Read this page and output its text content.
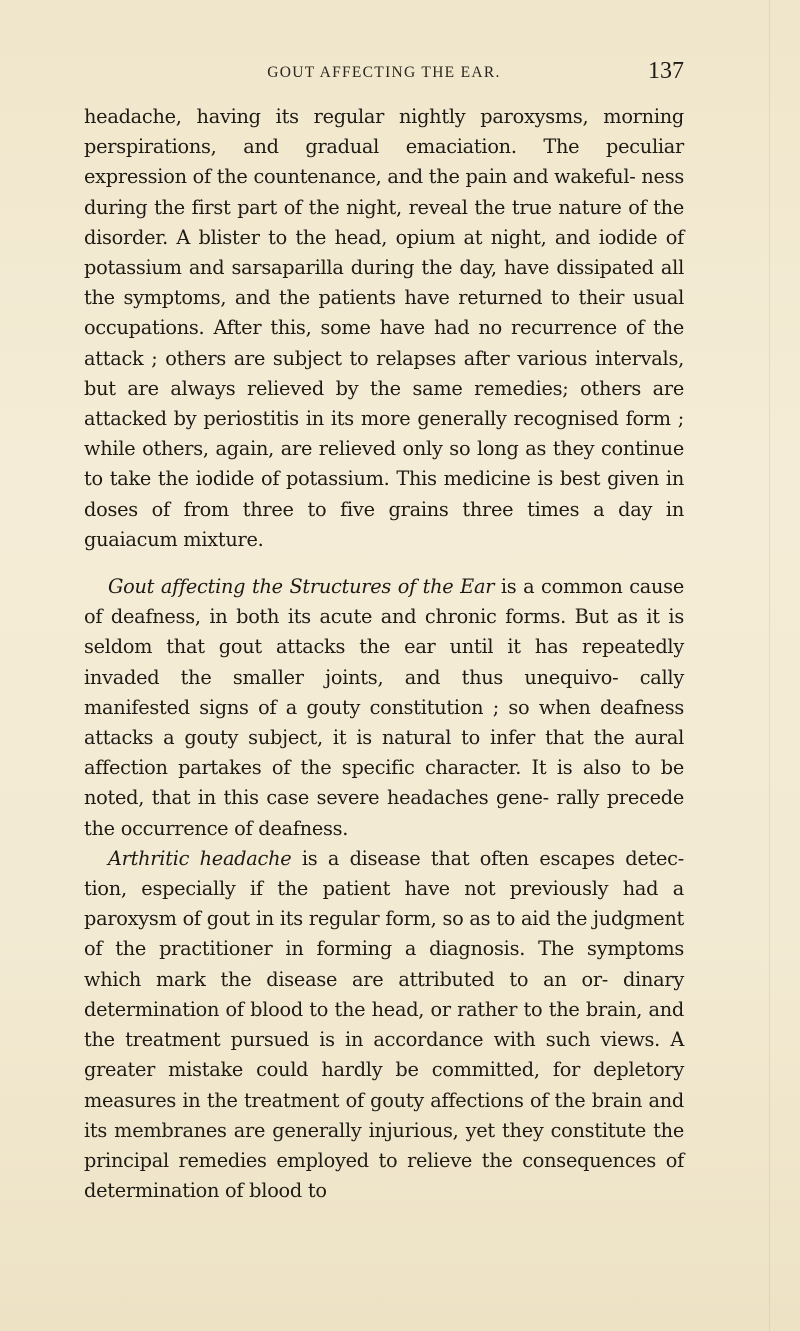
GOUT AFFECTING THE EAR.	137

headache, having its regular nightly paroxysms, morning perspirations, and gradual emaciation. The peculiar expression of the countenance, and the pain and wakeful- ness during the first part of the night, reveal the true nature of the disorder. A blister to the head, opium at night, and iodide of potassium and sarsaparilla during the day, have dissipated all the symptoms, and the patients have returned to their usual occupations. After this, some have had no recurrence of the attack ; others are subject to relapses after various intervals, but are always relieved by the same remedies; others are attacked by periostitis in its more generally recognised form ; while others, again, are relieved only so long as they continue to take the iodide of potassium. This medicine is best given in doses of from three to five grains three times a day in guaiacum mixture.

Gout affecting the Structures of the Ear is a common cause of deafness, in both its acute and chronic forms. But as it is seldom that gout attacks the ear until it has repeatedly invaded the smaller joints, and thus unequivo- cally manifested signs of a gouty constitution ; so when deafness attacks a gouty subject, it is natural to infer that the aural affection partakes of the specific character. It is also to be noted, that in this case severe headaches gene- rally precede the occurrence of deafness.

Arthritic headache is a disease that often escapes detec- tion, especially if the patient have not previously had a paroxysm of gout in its regular form, so as to aid the judgment of the practitioner in forming a diagnosis. The symptoms which mark the disease are attributed to an or- dinary determination of blood to the head, or rather to the brain, and the treatment pursued is in accordance with such views. A greater mistake could hardly be committed, for depletory measures in the treatment of gouty affections of the brain and its membranes are generally injurious, yet they constitute the principal remedies employed to relieve the consequences of determination of blood to
